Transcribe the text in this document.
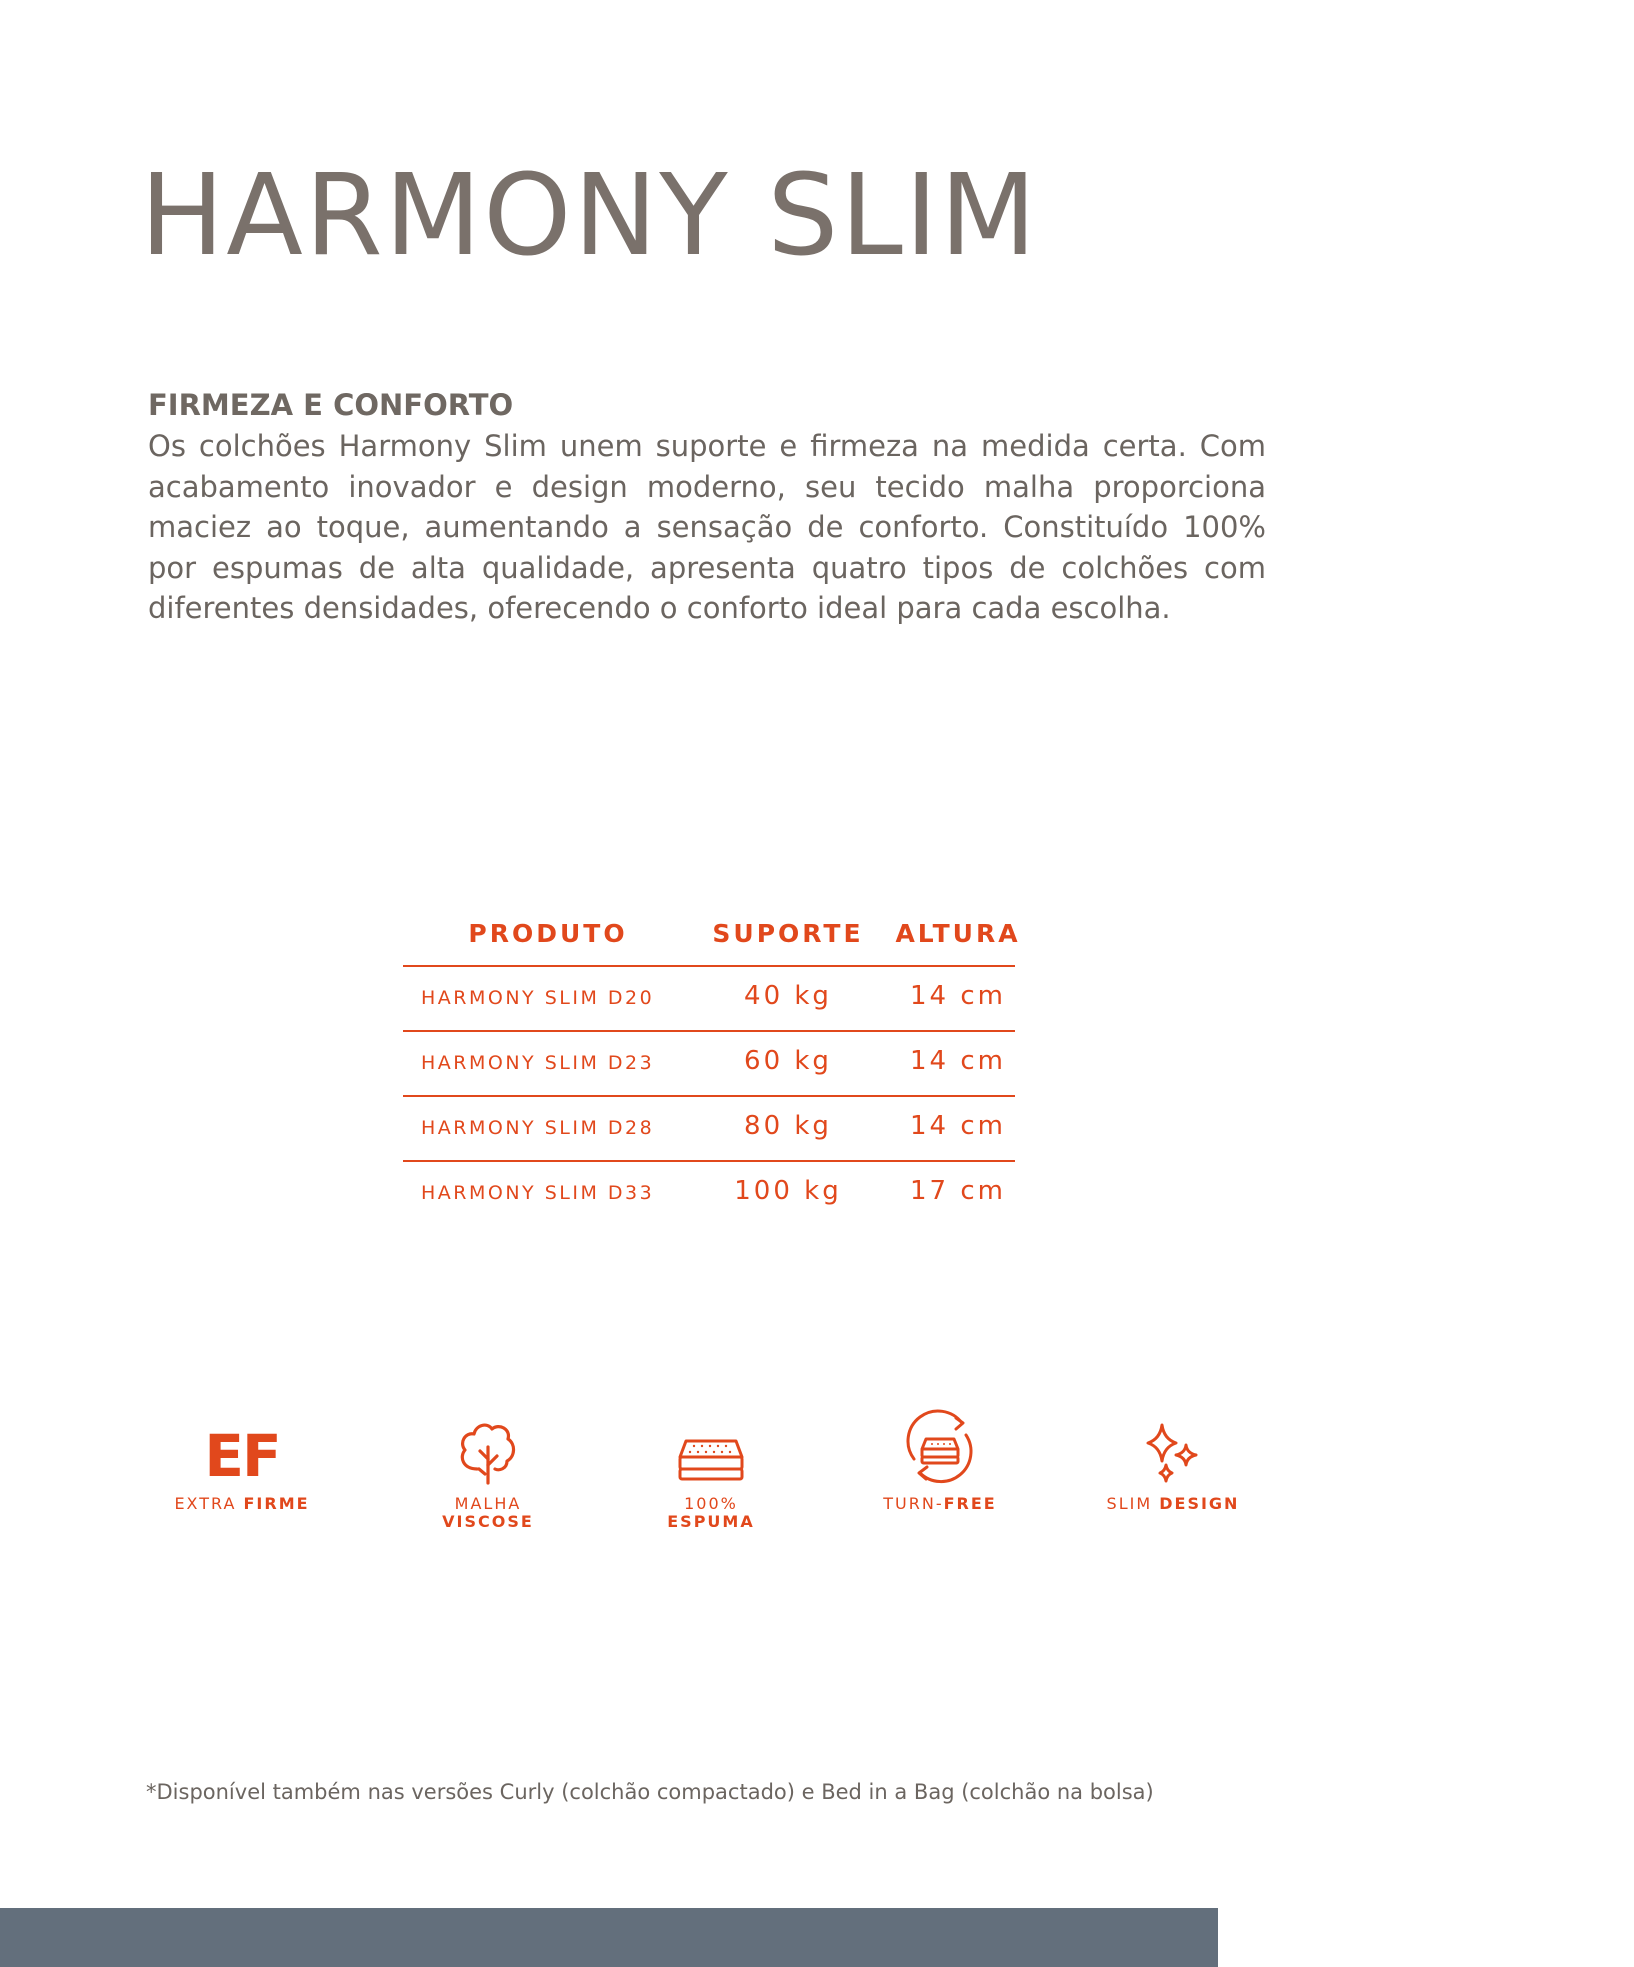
HARMONY SLIM
FIRMEZA E CONFORTO

Os colchões Harmony Slim unem suporte e firmeza na medida certa. Com acabamento inovador e design moderno, seu tecido malha proporciona maciez ao toque, aumentando a sensação de conforto. Constituído 100% por espumas de alta qualidade, apresenta quatro tipos de colchões com diferentes densidades, oferecendo o conforto ideal para cada escolha.

PRODUTO	SUPORTE	ALTURA
HARMONY SLIM D20	40 kg	14 cm
HARMONY SLIM D23	60 kg	14 cm
HARMONY SLIM D28	80 kg	14 cm
HARMONY SLIM D33	100 kg	17 cm
EF
EXTRA FIRME	MALHA
VISCOSE
100%
ESPUMA
TURN-FREE	SLIM DESIGN

*Disponível também nas versões Curly (colchão compactado) e Bed in a Bag (colchão na bolsa)
